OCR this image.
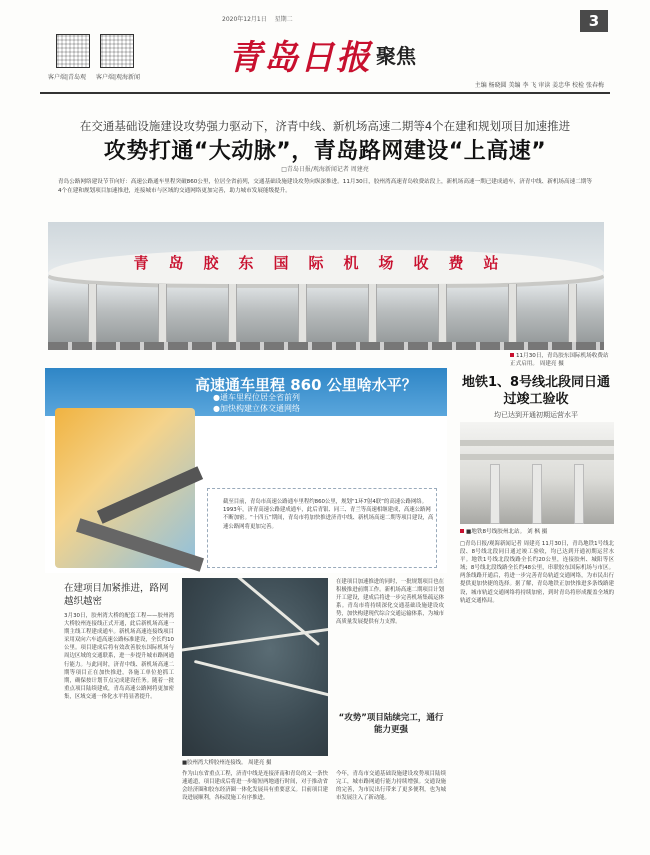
客户端|青岛观 客户端|观海新闻
2020年12月1日 星期二
青岛日报 聚焦
3
主编 杨晓圆 美编 李 飞 审读 姜忠华 校检 张春梅
在交通基础设施建设攻势强力驱动下，济青中线、新机场高速二期等4个在建和规划项目加速推进
攻势打通“大动脉”，青岛路网建设“上高速”
□青岛日报/观海新闻记者 周建亮
青岛公路网络建设节节向好：高速公路通车里程突破860公里，位居全省前列，交通基础设施建设攻势向纵深推进。11月30日，胶州湾高速青岛收费站段上，新机场高速一期已建成通车，济青中线、新机场高速二期等4个在建和规划项目加速推进，连接城市与区域的交通网络更加完善，助力城市发展能级提升。
青岛胶东国际机场收费站
11月30日，青岛胶东国际机场收费站正式启用。 周建亮 摄
高速通车里程 860 公里啥水平？
●通车里程位居全省前列
●加快构建立体交通网络
截至目前，青岛市高速公路通车里程约860公里，规划“1环7射4联”的高速公路网络。1993年，济青高速公路建成通车，此后青银、同三、青兰等高速相继建成，高速公路网不断加密。“十四五”期间，青岛市将加快推进济青中线、新机场高速二期等项目建设，高速公路网将更加完善。
在建项目加紧推进，路网越织越密
3月30日，胶州湾大桥的配套工程——胶州湾大桥胶州连接线正式开通，此后新机场高速一期主线工程建成通车。新机场高速连接线项目采用双向六车道高速公路标准建设，全长约10公里。项目建成后将有效改善胶东国际机场与周边区域的交通联系，进一步提升城市路网通行能力。与此同时，济青中线、新机场高速二期等项目正在加快推进，各施工单位抢抓工期，确保按计划节点完成建设任务。随着一批重点项目陆续建成，青岛高速公路网将更加密集，区域交通一体化水平将显著提升。
■胶州湾大桥胶州连接线。 周建亮 摄
作为山东省重点工程，济青中线是连接济南和青岛的又一条快速通道，项目建成后将进一步缩短两地通行时间，对于推动省会经济圈和胶东经济圈一体化发展具有重要意义。目前项目建设进展顺利，各标段施工有序推进。
在建项目加速推进的同时，一批规划项目也在积极推进前期工作。新机场高速二期项目计划开工建设，建成后将进一步完善机场集疏运体系。青岛市将持续深化交通基础设施建设攻势，加快构建现代综合交通运输体系，为城市高质量发展提供有力支撑。
“攻势”项目陆续完工，通行能力更强
今年，青岛市交通基础设施建设攻势项目陆续完工，城市路网通行能力持续增强。交通设施的完善，为市民出行带来了更多便利，也为城市发展注入了新动能。
地铁1、8号线北段同日通过竣工验收
均已达到开通初期运营水平
■地铁8号线胶州北站。 刘 枫 摄
□青岛日报/观海新闻记者 周建亮 11月30日，青岛地铁1号线北段、8号线北段同日通过竣工验收，均已达到开通初期运营水平。地铁1号线北段线路全长约20公里，连接胶州、城阳等区域；8号线北段线路全长约48公里，串联胶东国际机场与市区。两条线路开通后，将进一步完善青岛轨道交通网络，为市民出行提供更加快捷的选择。据了解，青岛地铁正加快推进多条线路建设，城市轨道交通网络将持续加密，到时青岛将形成覆盖全域的轨道交通格局。
